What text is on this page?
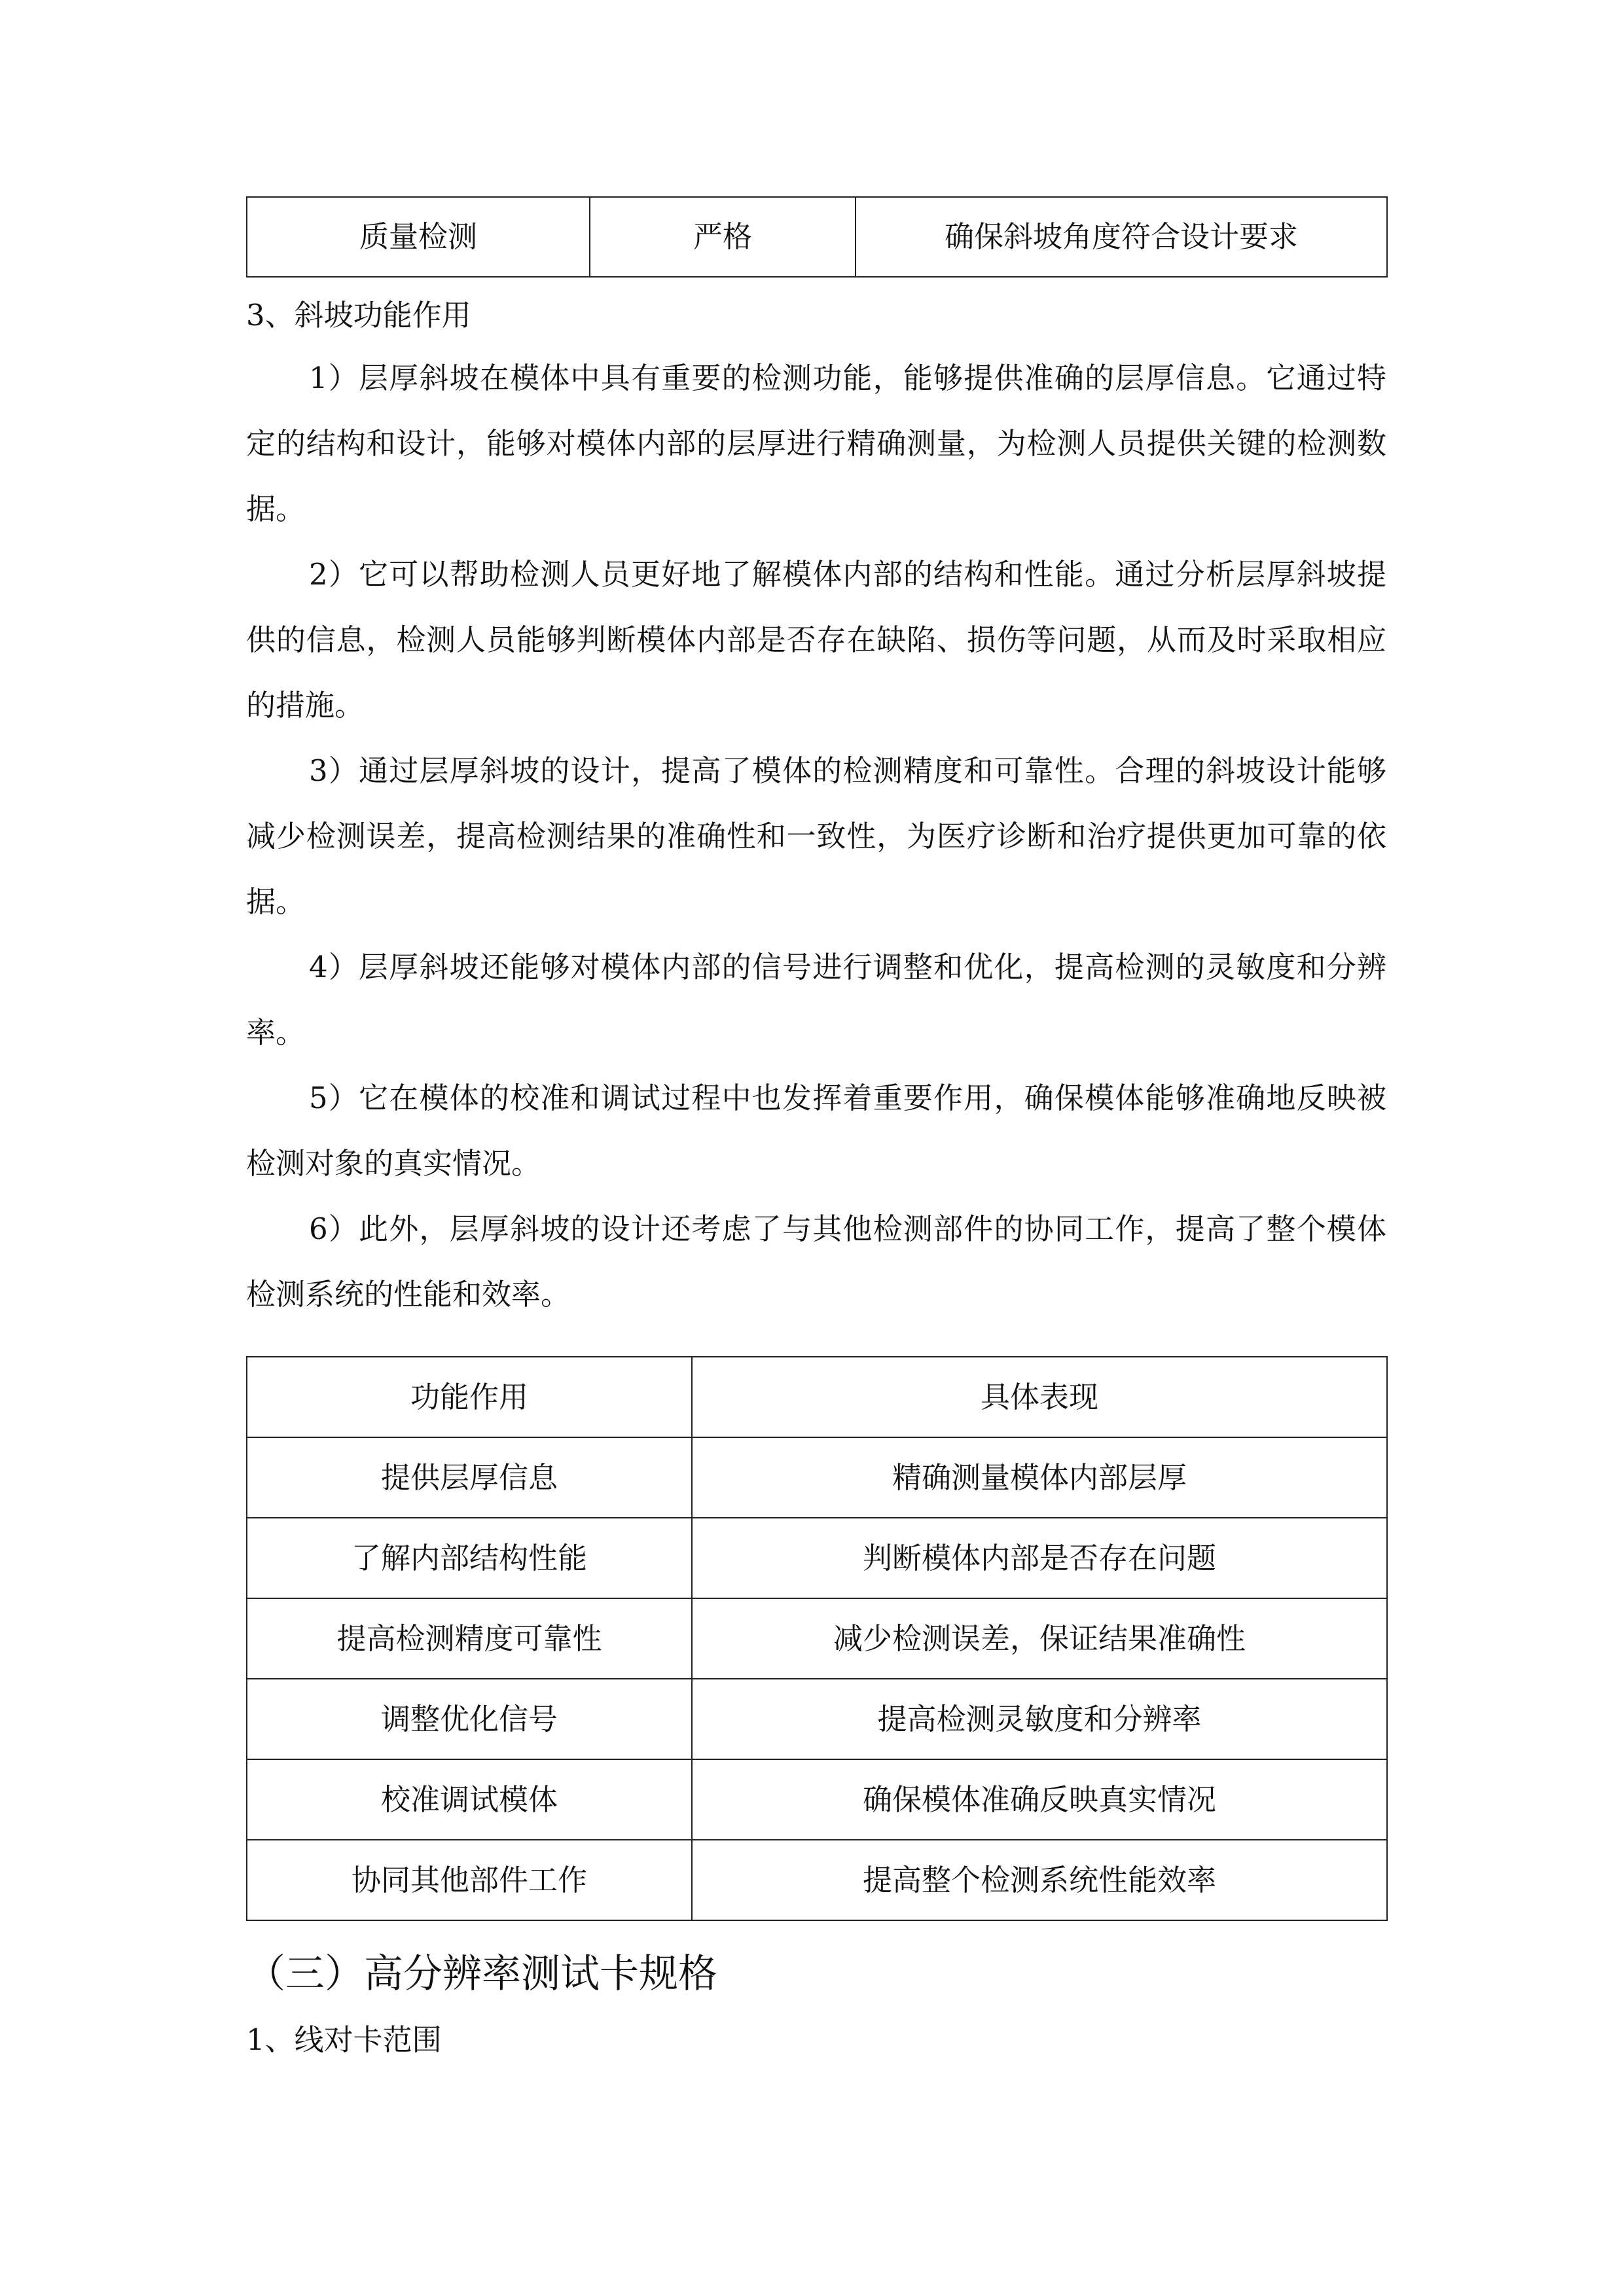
质量检测	严格	确保斜坡角度符合设计要求
3、斜坡功能作用

1）层厚斜坡在模体中具有重要的检测功能，能够提供准确的层厚信息。它通过特定的结构和设计，能够对模体内部的层厚进行精确测量，为检测人员提供关键的检测数据。

2）它可以帮助检测人员更好地了解模体内部的结构和性能。通过分析层厚斜坡提供的信息，检测人员能够判断模体内部是否存在缺陷、损伤等问题，从而及时采取相应的措施。

3）通过层厚斜坡的设计，提高了模体的检测精度和可靠性。合理的斜坡设计能够减少检测误差，提高检测结果的准确性和一致性，为医疗诊断和治疗提供更加可靠的依据。

4）层厚斜坡还能够对模体内部的信号进行调整和优化，提高检测的灵敏度和分辨率。

5）它在模体的校准和调试过程中也发挥着重要作用，确保模体能够准确地反映被检测对象的真实情况。

6）此外，层厚斜坡的设计还考虑了与其他检测部件的协同工作，提高了整个模体检测系统的性能和效率。

功能作用	具体表现
提供层厚信息	精确测量模体内部层厚
了解内部结构性能	判断模体内部是否存在问题
提高检测精度可靠性	减少检测误差，保证结果准确性
调整优化信号	提高检测灵敏度和分辨率
校准调试模体	确保模体准确反映真实情况
协同其他部件工作	提高整个检测系统性能效率
（三）高分辨率测试卡规格
1、线对卡范围
